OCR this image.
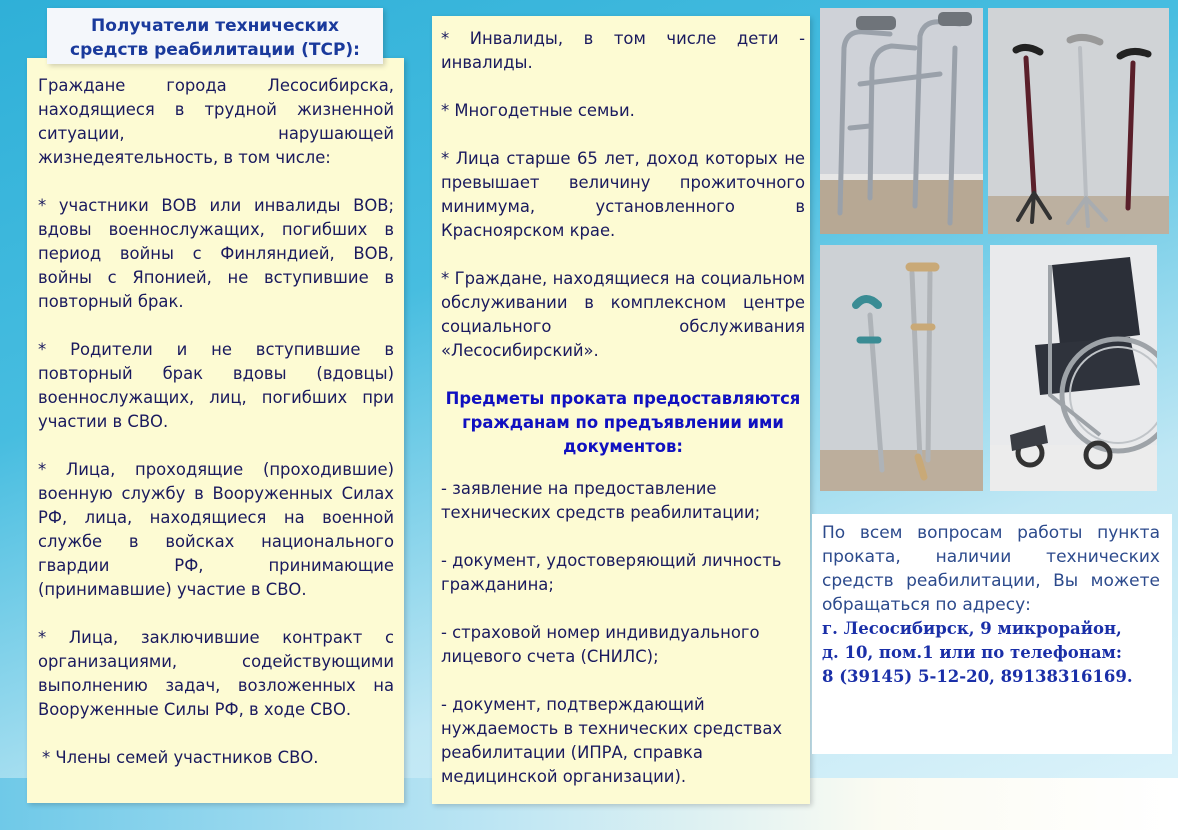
Получатели технических
средств реабилитации (ТСР):

Граждане города Лесосибирска, находящиеся в трудной жизненной ситуации, нарушающей жизнедеятельность, в том числе:

* участники ВОВ или инвалиды ВОВ; вдовы военнослужащих, погибших в период войны с Финляндией, ВОВ, войны с Японией, не вступившие в повторный брак.

* Родители и не вступившие в повторный брак вдовы (вдовцы) военнослужащих, лиц, погибших при участии в СВО.

* Лица, проходящие (проходившие) военную службу в Вооруженных Силах РФ, лица, находящиеся на военной службе в войсках национального гвардии РФ, принимающие (принимавшие) участие в СВО.

* Лица, заключившие контракт с организациями, содействующими выполнению задач, возложенных на Вооруженные Силы РФ, в ходе СВО.

* Члены семей участников СВО.

* Инвалиды, в том числе дети - инвалиды.

* Многодетные семьи.

* Лица старше 65 лет, доход которых не превышает величину прожиточного минимума, установленного в Красноярском крае.

* Граждане, находящиеся на социальном обслуживании в комплексном центре социального обслуживания «Лесосибирский».

Предметы проката предоставляются гражданам по предъявлении ими документов:

- заявление на предоставление технических средств реабилитации;

- документ, удостоверяющий личность гражданина;

- страховой номер индивидуального лицевого счета (СНИЛС);

- документ, подтверждающий нуждаемость в технических средствах реабилитации (ИПРА, справка медицинской организации).

По всем вопросам работы пункта проката, наличии технических средств реабилитации, Вы можете обращаться по адресу:

г. Лесосибирск, 9 микрорайон,

д. 10, пом.1 или по телефонам:

8 (39145) 5-12-20, 89138316169.
